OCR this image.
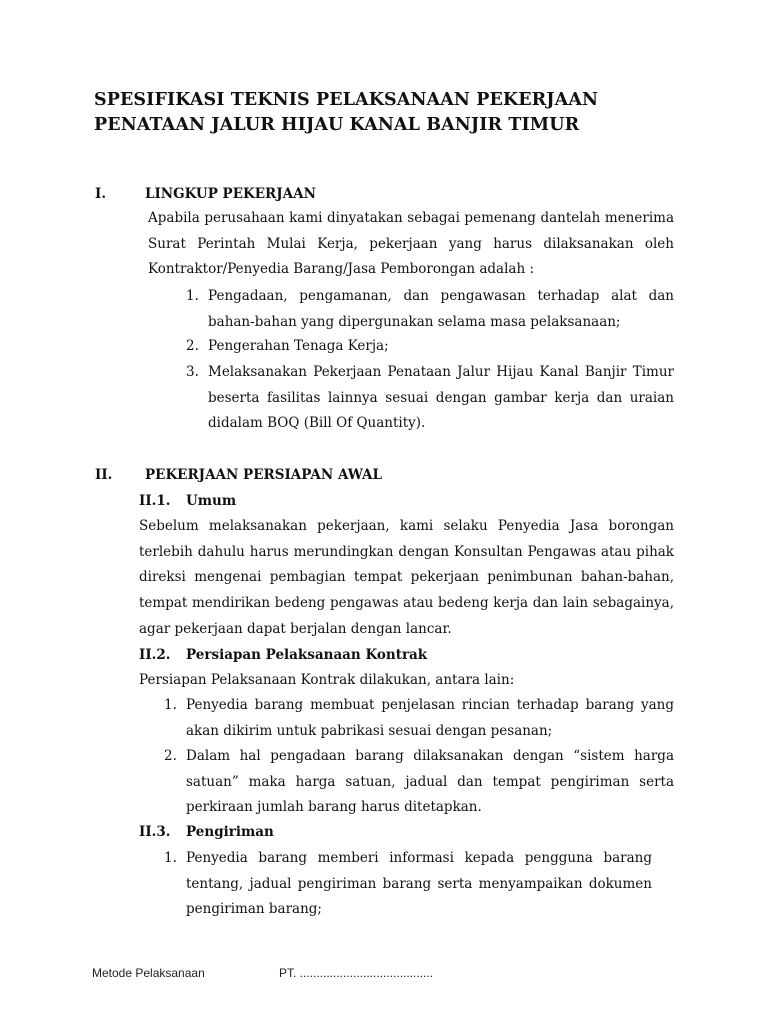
SPESIFIKASI TEKNIS PELAKSANAAN PEKERJAAN
PENATAAN JALUR HIJAU KANAL BANJIR TIMUR
I.	LINGKUP PEKERJAAN
Apabila perusahaan kami dinyatakan sebagai pemenang dantelah menerima Surat Perintah Mulai Kerja, pekerjaan yang harus dilaksanakan oleh Kontraktor/Penyedia Barang/Jasa Pemborongan adalah :
1. Pengadaan, pengamanan, dan pengawasan terhadap alat dan bahan-bahan yang dipergunakan selama masa pelaksanaan;
2. Pengerahan Tenaga Kerja;
3. Melaksanakan Pekerjaan Penataan Jalur Hijau Kanal Banjir Timur beserta fasilitas lainnya sesuai dengan gambar kerja dan uraian didalam BOQ (Bill Of Quantity).
II. PEKERJAAN PERSIAPAN AWAL
II.1. Umum
Sebelum melaksanakan pekerjaan, kami selaku Penyedia Jasa borongan terlebih dahulu harus merundingkan dengan Konsultan Pengawas atau pihak direksi mengenai pembagian tempat pekerjaan penimbunan bahan-bahan, tempat mendirikan bedeng pengawas atau bedeng kerja dan lain sebagainya, agar pekerjaan dapat berjalan dengan lancar.
II.2. Persiapan Pelaksanaan Kontrak
Persiapan Pelaksanaan Kontrak dilakukan, antara lain:
1. Penyedia barang membuat penjelasan rincian terhadap barang yang akan dikirim untuk pabrikasi sesuai dengan pesanan;
2. Dalam hal pengadaan barang dilaksanakan dengan “sistem harga satuan” maka harga satuan, jadual dan tempat pengiriman serta perkiraan jumlah barang harus ditetapkan.
II.3. Pengiriman
1. Penyedia barang memberi informasi kepada pengguna barang tentang, jadual pengiriman barang serta menyampaikan dokumen pengiriman barang;
Metode Pelaksanaan	PT. ........................................
